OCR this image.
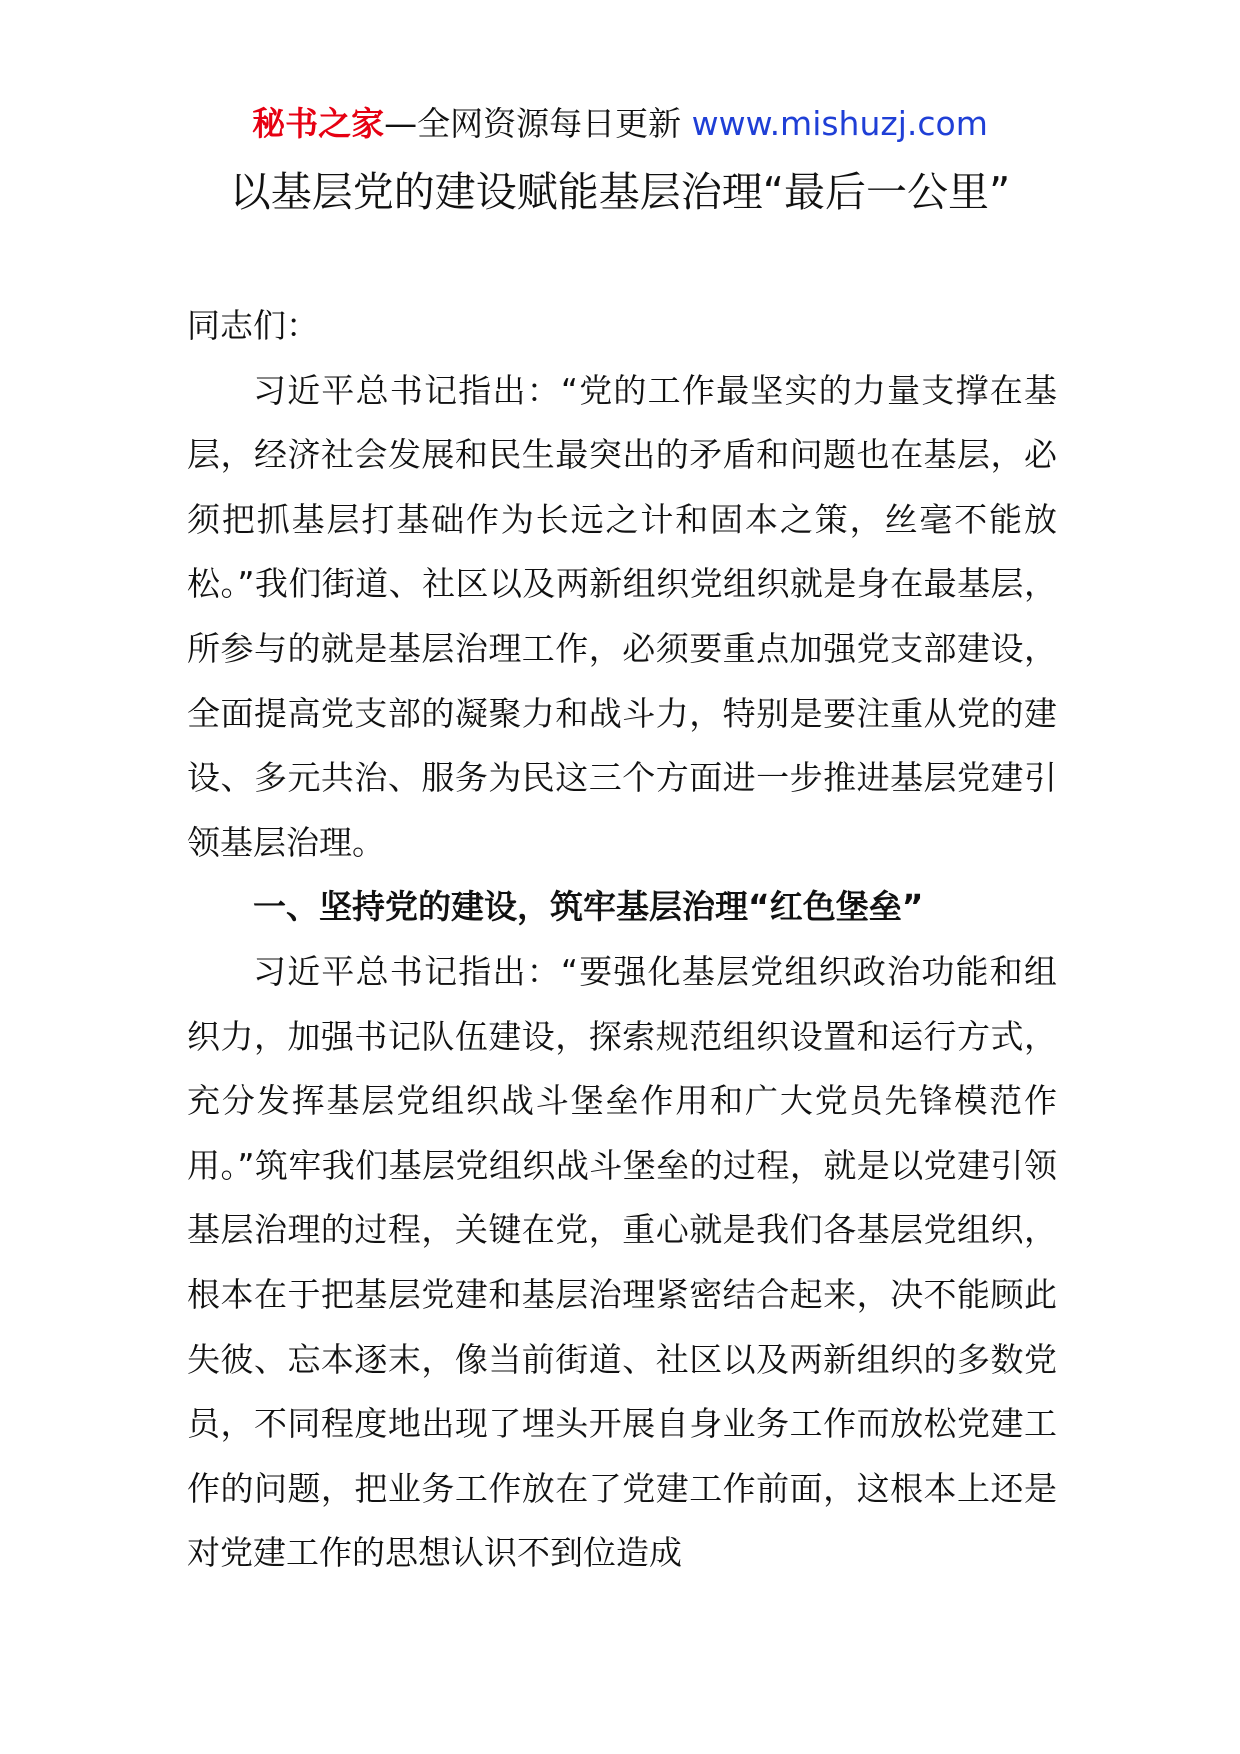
秘书之家—全网资源每日更新 www.mishuzj.com
以基层党的建设赋能基层治理“最后一公里”

同志们：

习近平总书记指出：“党的工作最坚实的力量支撑在基层，经济社会发展和民生最突出的矛盾和问题也在基层，必须把抓基层打基础作为长远之计和固本之策，丝毫不能放松。”我们街道、社区以及两新组织党组织就是身在最基层，所参与的就是基层治理工作，必须要重点加强党支部建设，全面提高党支部的凝聚力和战斗力，特别是要注重从党的建设、多元共治、服务为民这三个方面进一步推进基层党建引领基层治理。

一、坚持党的建设，筑牢基层治理“红色堡垒”

习近平总书记指出：“要强化基层党组织政治功能和组织力，加强书记队伍建设，探索规范组织设置和运行方式，充分发挥基层党组织战斗堡垒作用和广大党员先锋模范作用。”筑牢我们基层党组织战斗堡垒的过程，就是以党建引领基层治理的过程，关键在党，重心就是我们各基层党组织，根本在于把基层党建和基层治理紧密结合起来，决不能顾此失彼、忘本逐末，像当前街道、社区以及两新组织的多数党员，不同程度地出现了埋头开展自身业务工作而放松党建工作的问题，把业务工作放在了党建工作前面，这根本上还是对党建工作的思想认识不到位造成
